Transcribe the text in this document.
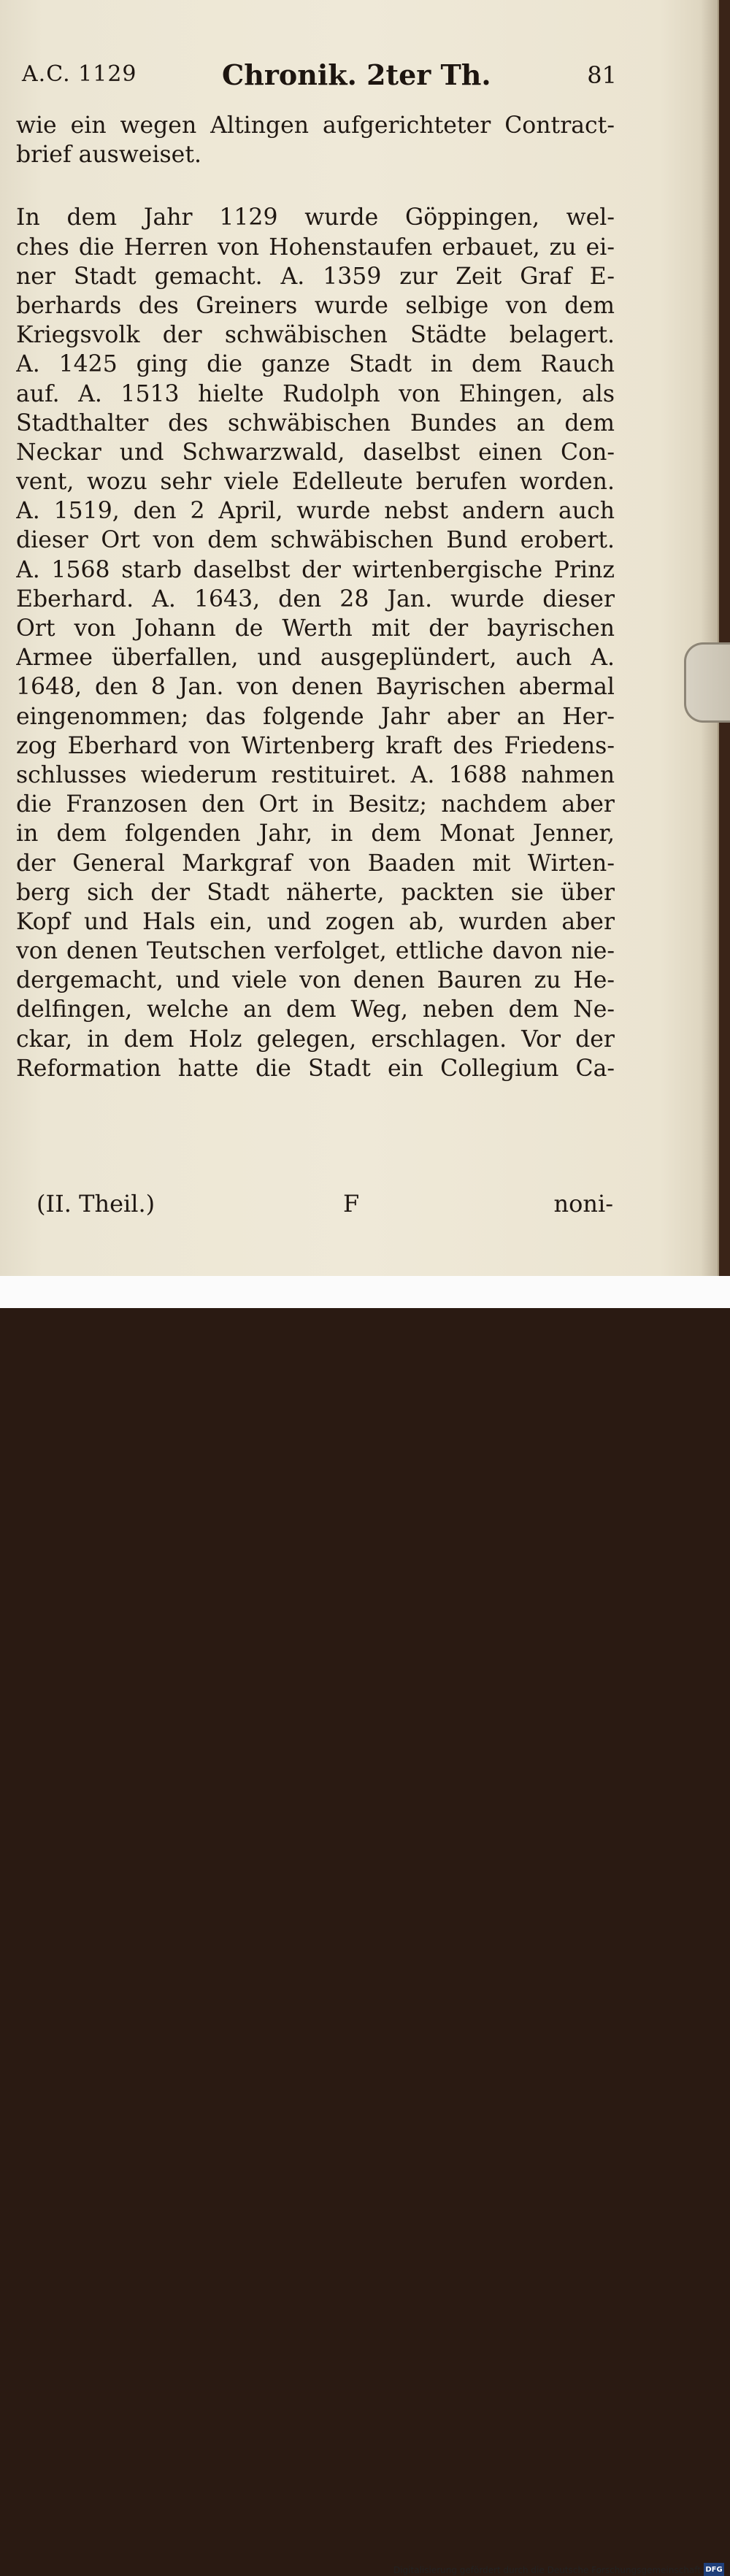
A.C. 1129	Chronik. 2ter Th.	81
wie ein wegen Altingen aufgerichteter Contract-
brief ausweiset.
In dem Jahr 1129 wurde Göppingen, wel-
ches die Herren von Hohenstaufen erbauet, zu ei-
ner Stadt gemacht. A. 1359 zur Zeit Graf E-
berhards des Greiners wurde selbige von dem
Kriegsvolk der schwäbischen Städte belagert.
A. 1425 ging die ganze Stadt in dem Rauch
auf. A. 1513 hielte Rudolph von Ehingen, als
Stadthalter des schwäbischen Bundes an dem
Neckar und Schwarzwald, daselbst einen Con-
vent, wozu sehr viele Edelleute berufen worden.
A. 1519, den 2 April, wurde nebst andern auch
dieser Ort von dem schwäbischen Bund erobert.
A. 1568 starb daselbst der wirtenbergische Prinz
Eberhard. A. 1643, den 28 Jan. wurde dieser
Ort von Johann de Werth mit der bayrischen
Armee überfallen, und ausgeplündert, auch A.
1648, den 8 Jan. von denen Bayrischen abermal
eingenommen; das folgende Jahr aber an Her-
zog Eberhard von Wirtenberg kraft des Friedens-
schlusses wiederum restituiret. A. 1688 nahmen
die Franzosen den Ort in Besitz; nachdem aber
in dem folgenden Jahr, in dem Monat Jenner,
der General Markgraf von Baaden mit Wirten-
berg sich der Stadt näherte, packten sie über
Kopf und Hals ein, und zogen ab, wurden aber
von denen Teutschen verfolget, ettliche davon nie-
dergemacht, und viele von denen Bauren zu He-
delfingen, welche an dem Weg, neben dem Ne-
ckar, in dem Holz gelegen, erschlagen. Vor der
Reformation hatte die Stadt ein Collegium Ca-
(II. Theil.)	F	noni-
Digitalisierung gefördert durch die Deutsche Forschungsgemeinschaft DFG
